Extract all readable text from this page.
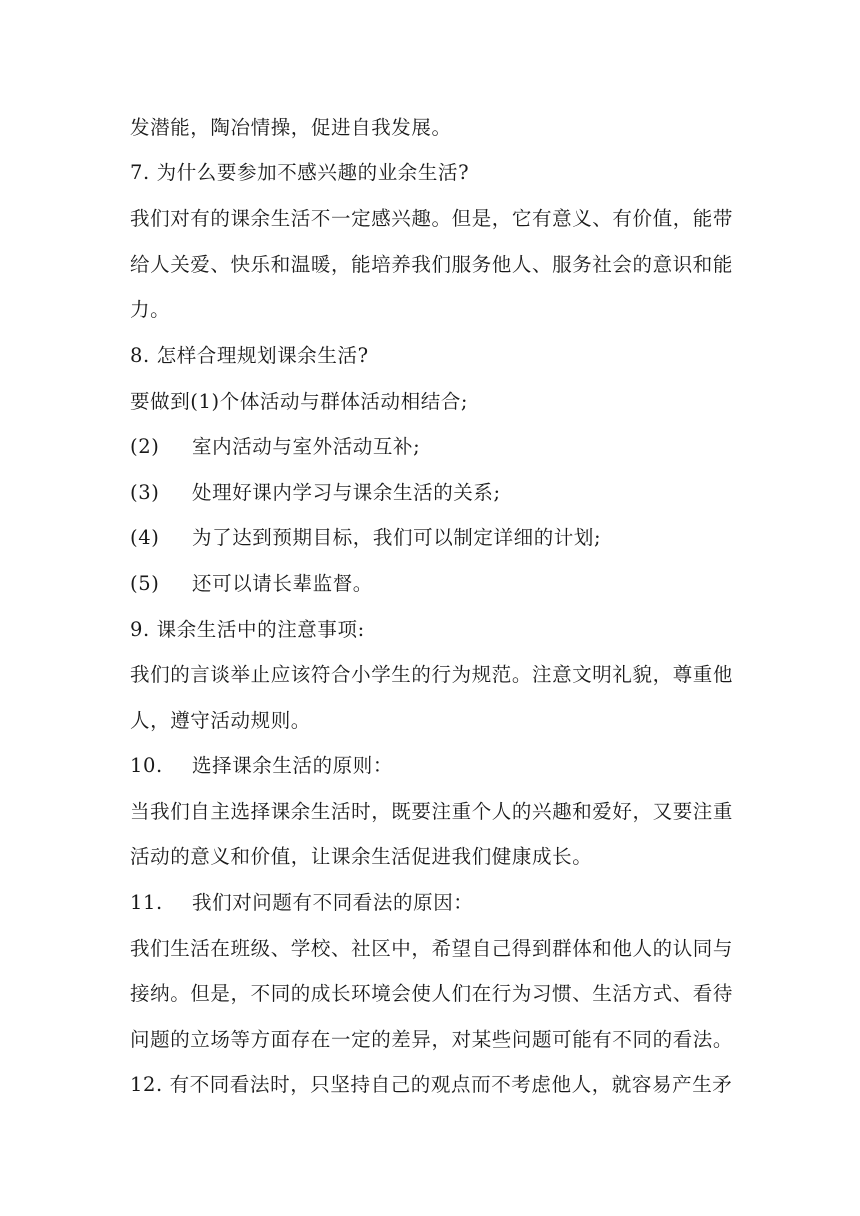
发潜能，陶冶情操，促进自我发展。
7. 为什么要参加不感兴趣的业余生活?
我们对有的课余生活不一定感兴趣。但是，它有意义、有价值，能带
给人关爱、快乐和温暖，能培养我们服务他人、服务社会的意识和能
力。
8. 怎样合理规划课余生活?
要做到(1)个体活动与群体活动相结合;
(2) 室内活动与室外活动互补;
(3) 处理好课内学习与课余生活的关系;
(4) 为了达到预期目标，我们可以制定详细的计划;
(5) 还可以请长辈监督。
9. 课余生活中的注意事项:
我们的言谈举止应该符合小学生的行为规范。注意文明礼貌，尊重他
人，遵守活动规则。
10. 选择课余生活的原则：
当我们自主选择课余生活时，既要注重个人的兴趣和爱好，又要注重
活动的意义和价值，让课余生活促进我们健康成长。
11. 我们对问题有不同看法的原因：
我们生活在班级、学校、社区中，希望自己得到群体和他人的认同与
接纳。但是，不同的成长环境会使人们在行为习惯、生活方式、看待
问题的立场等方面存在一定的差异，对某些问题可能有不同的看法。
12. 有不同看法时，只坚持自己的观点而不考虑他人，就容易产生矛
